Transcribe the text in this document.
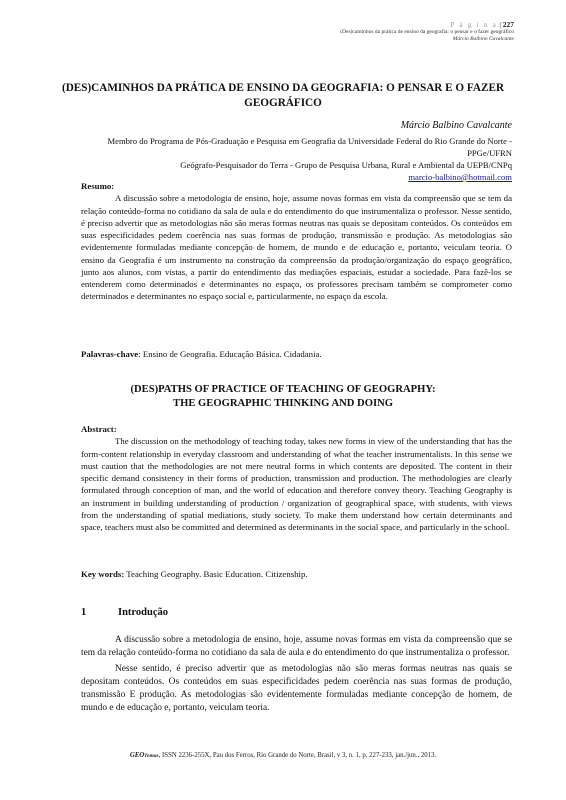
P á g i n a | 227
(Des)caminhos da prática de ensino da geografia: o pensar e o fazer geográfico
Márcio Balbino Cavalcante
(DES)CAMINHOS DA PRÁTICA DE ENSINO DA GEOGRAFIA: O PENSAR E O FAZER GEOGRÁFICO
Márcio Balbino Cavalcante
Membro do Programa de Pós-Graduação e Pesquisa em Geografia da Universidade Federal do Rio Grande do Norte - PPGe/UFRN
Geógrafo-Pesquisador do Terra - Grupo de Pesquisa Urbana, Rural e Ambiental da UEPB/CNPq
marcio-balbino@hotmail.com
Resumo:

A discussão sobre a metodologia de ensino, hoje, assume novas formas em vista da compreensão que se tem da relação conteúdo-forma no cotidiano da sala de aula e do entendimento do que instrumentaliza o professor. Nesse sentido, é preciso advertir que as metodologias não são meras formas neutras nas quais se depositam conteúdos. Os conteúdos em suas especificidades pedem coerência nas suas formas de produção, transmissão e produção. As metodologias são evidentemente formuladas mediante concepção de homem, de mundo e de educação e, portanto, veiculam teoria. O ensino da Geografia é um instrumento na construção da compreensão da produção/organização do espaço geográfico, junto aos alunos, com vistas, a partir do entendimento das mediações espaciais, estudar a sociedade. Para fazê-los se entenderem como determinados e determinantes no espaço, os professores precisam também se comprometer como determinados e determinantes no espaço social e, particularmente, no espaço da escola.

Palavras-chave: Ensino de Geografia. Educação Básica. Cidadania.
(DES)PATHS OF PRACTICE OF TEACHING OF GEOGRAPHY:
THE GEOGRAPHIC THINKING AND DOING
Abstract:

The discussion on the methodology of teaching today, takes new forms in view of the understanding that has the form-content relationship in everyday classroom and understanding of what the teacher instrumentalists. In this sense we must caution that the methodologies are not mere neutral forms in which contents are deposited. The content in their specific demand consistency in their forms of production, transmission and production. The methodologies are clearly formulated through conception of man, and the world of education and therefore convey theory. Teaching Geography is an instrument in building understanding of production / organization of geographical space, with students, with views from the understanding of spatial mediations, study society. To make them understand how certain determinants and space, teachers must also be committed and determined as determinants in the social space, and particularly in the school.

Key words: Teaching Geography. Basic Education. Citizenship.
1	Introdução

A discussão sobre a metodologia de ensino, hoje, assume novas formas em vista da compreensão que se tem da relação conteúdo-forma no cotidiano da sala de aula e do entendimento do que instrumentaliza o professor.

Nesse sentido, é preciso advertir que as metodologias não são meras formas neutras nas quais se depositam conteúdos. Os conteúdos em suas especificidades pedem coerência nas suas formas de produção, transmissão E produção. As metodologias são evidentemente formuladas mediante concepção de homem, de mundo e de educação e, portanto, veiculam teoria.

GEOTemas, ISSN 2236-255X, Pau dos Ferros, Rio Grande do Norte, Brasil, v 3, n. 1, p. 227-233, jan./jun., 2013.
